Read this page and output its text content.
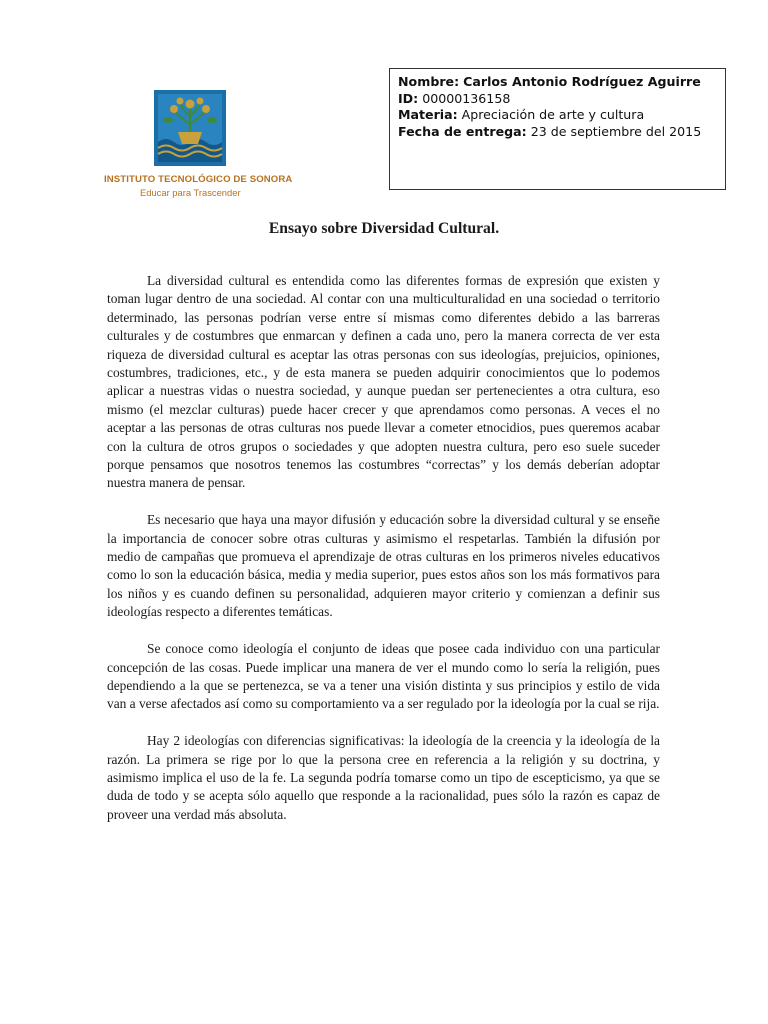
INSTITUTO TECNOLÓGICO DE SONORA
Educar para Trascender

Nombre: Carlos Antonio Rodríguez Aguirre

ID: 00000136158

Materia: Apreciación de arte y cultura

Fecha de entrega: 23 de septiembre del 2015

Ensayo sobre Diversidad Cultural.

La diversidad cultural es entendida como las diferentes formas de expresión que existen y toman lugar dentro de una sociedad. Al contar con una multiculturalidad en una sociedad o territorio determinado, las personas podrían verse entre sí mismas como diferentes debido a las barreras culturales y de costumbres que enmarcan y definen a cada uno, pero la manera correcta de ver esta riqueza de diversidad cultural es aceptar las otras personas con sus ideologías, prejuicios, opiniones, costumbres, tradiciones, etc., y de esta manera se pueden adquirir conocimientos que lo podemos aplicar a nuestras vidas o nuestra sociedad, y aunque puedan ser pertenecientes a otra cultura, eso mismo (el mezclar culturas) puede hacer crecer y que aprendamos como personas. A veces el no aceptar a las personas de otras culturas nos puede llevar a cometer etnocidios, pues queremos acabar con la cultura de otros grupos o sociedades y que adopten nuestra cultura, pero eso suele suceder porque pensamos que nosotros tenemos las costumbres “correctas” y los demás deberían adoptar nuestra manera de pensar.

Es necesario que haya una mayor difusión y educación sobre la diversidad cultural y se enseñe la importancia de conocer sobre otras culturas y asimismo el respetarlas. También la difusión por medio de campañas que promueva el aprendizaje de otras culturas en los primeros niveles educativos como lo son la educación básica, media y media superior, pues estos años son los más formativos para los niños y es cuando definen su personalidad, adquieren mayor criterio y comienzan a definir sus ideologías respecto a diferentes temáticas.

Se conoce como ideología el conjunto de ideas que posee cada individuo con una particular concepción de las cosas. Puede implicar una manera de ver el mundo como lo sería la religión, pues dependiendo a la que se pertenezca, se va a tener una visión distinta y sus principios y estilo de vida van a verse afectados así como su comportamiento va a ser regulado por la ideología por la cual se rija.

Hay 2 ideologías con diferencias significativas: la ideología de la creencia y la ideología de la razón. La primera se rige por lo que la persona cree en referencia a la religión y su doctrina, y asimismo implica el uso de la fe. La segunda podría tomarse como un tipo de escepticismo, ya que se duda de todo y se acepta sólo aquello que responde a la racionalidad, pues sólo la razón es capaz de proveer una verdad más absoluta.
